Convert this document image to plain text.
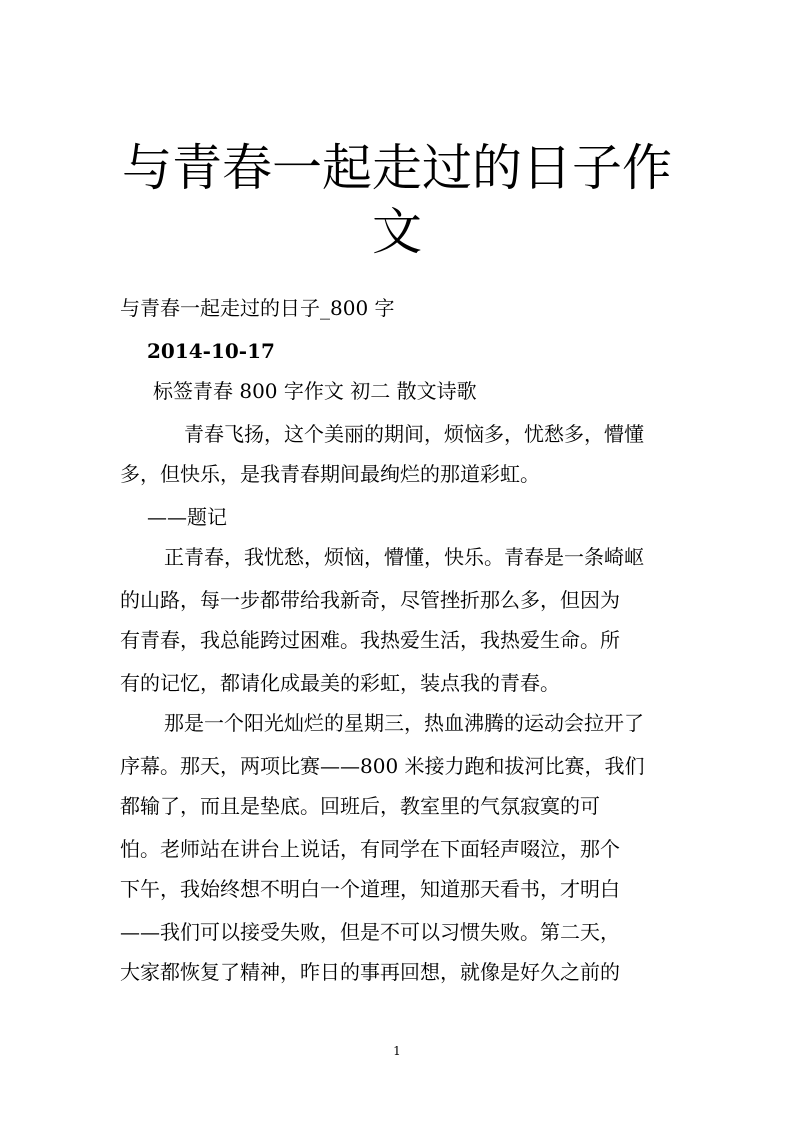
与青春一起走过的日子作
文
与青春一起走过的日子_800 字
2014-10-17
标签青春 800 字作文 初二 散文诗歌
青春飞扬，这个美丽的期间，烦恼多，忧愁多，懵懂
多，但快乐，是我青春期间最绚烂的那道彩虹。
——题记
正青春，我忧愁，烦恼，懵懂，快乐。青春是一条崎岖
的山路，每一步都带给我新奇，尽管挫折那么多，但因为
有青春，我总能跨过困难。我热爱生活，我热爱生命。所
有的记忆，都请化成最美的彩虹，装点我的青春。
那是一个阳光灿烂的星期三，热血沸腾的运动会拉开了
序幕。那天，两项比赛——800 米接力跑和拔河比赛，我们
都输了，而且是垫底。回班后，教室里的气氛寂寞的可
怕。老师站在讲台上说话，有同学在下面轻声啜泣，那个
下午，我始终想不明白一个道理，知道那天看书，才明白
——我们可以接受失败，但是不可以习惯失败。第二天，
大家都恢复了精神，昨日的事再回想，就像是好久之前的
1
